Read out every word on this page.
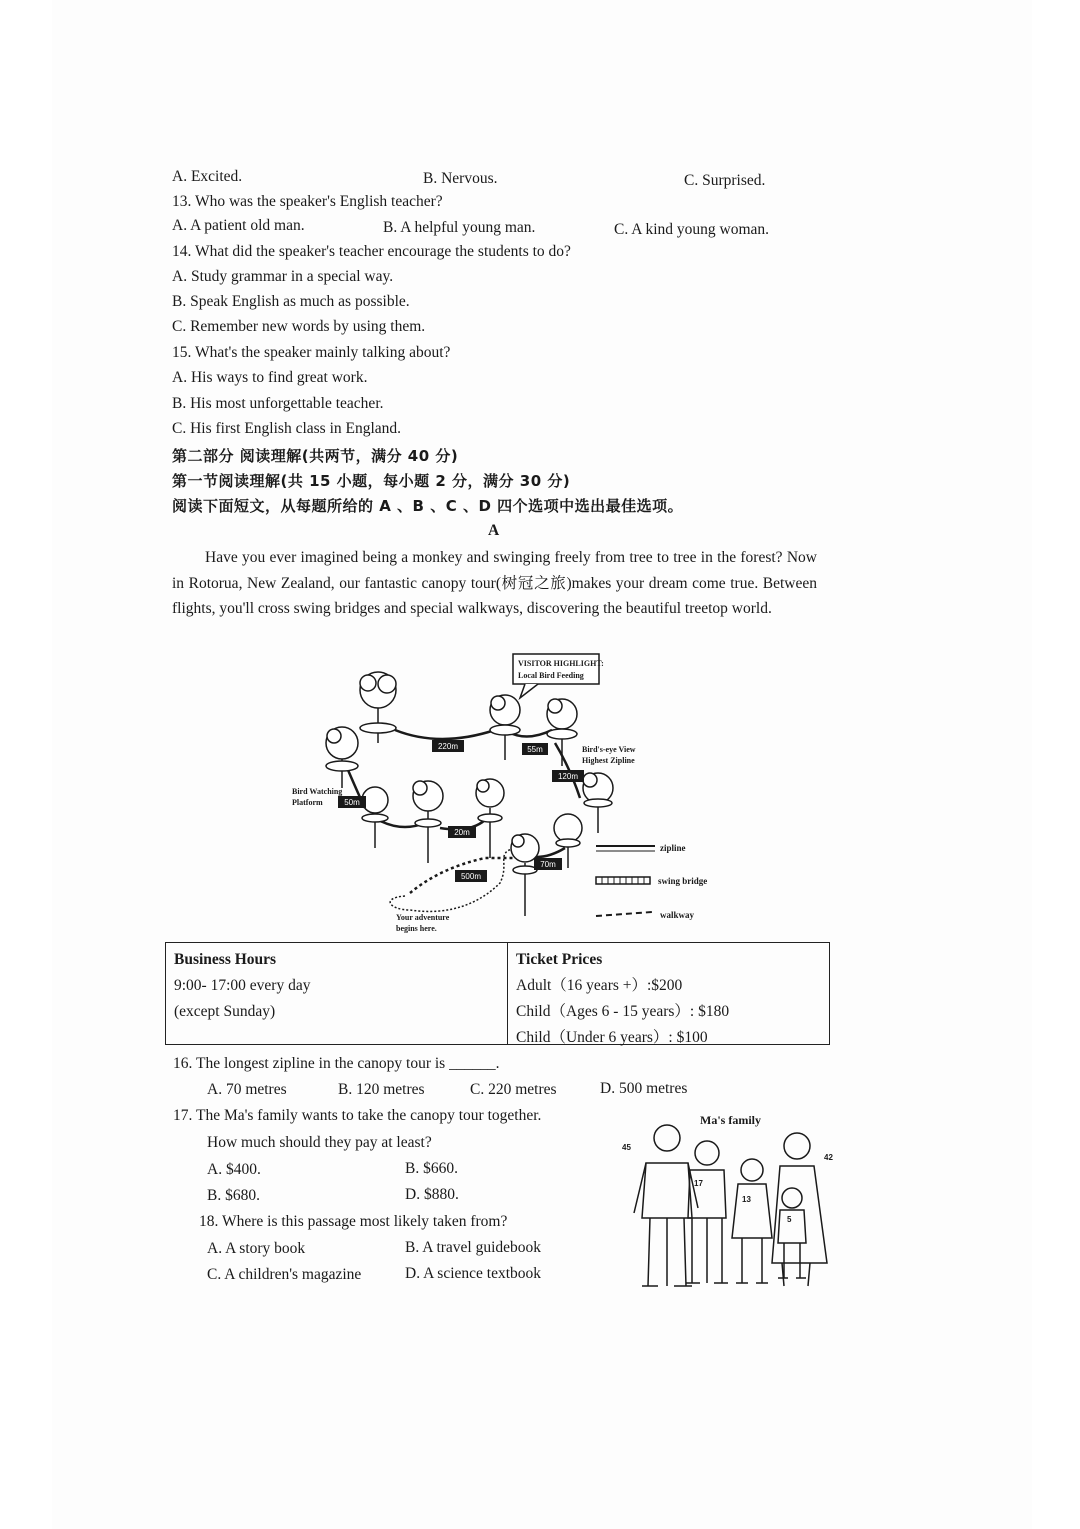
A. Excited.	B. Nervous.	C. Surprised.
13. Who was the speaker's English teacher?
A. A patient old man.	B. A helpful young man.	C. A kind young woman.
14. What did the speaker's teacher encourage the students to do?
A. Study grammar in a special way.
B. Speak English as much as possible.
C. Remember new words by using them.
15. What's the speaker mainly talking about?
A. His ways to find great work.
B. His most unforgettable teacher.
C. His first English class in England.
第二部分 阅读理解(共两节，满分 40 分)
第一节阅读理解(共 15 小题，每小题 2 分，满分 30 分)
阅读下面短文，从每题所给的 A 、B 、C 、D 四个选项中选出最佳选项。
A
Have you ever imagined being a monkey and swinging freely from tree to tree in the forest? Now in Rotorua, New Zealand, our fantastic canopy tour(树冠之旅)makes your dream come true. Between flights, you'll cross swing bridges and special walkways, discovering the beautiful treetop world.
220m	55m
120m
50m
20m
70m
500m
VISITOR HIGHLIGHT:
Local Bird Feeding
Bird's-eye View
Highest Zipline
Bird Watching
Platform
Your adventure
begins here.
zipline
swing bridge
walkway
Business Hours
9:00- 17:00 every day
(except Sunday)
Ticket Prices
Adult（16 years +）:$200
Child（Ages 6 - 15 years）: $180
Child（Under 6 years）: $100
16. The longest zipline in the canopy tour is ______.
A. 70 metres	B. 120 metres	C. 220 metres	D. 500 metres
17. The Ma's family wants to take the canopy tour together.
How much should they pay at least?
A. $400.	B. $660.
B. $680.	D. $880.
18. Where is this passage most likely taken from?
A. A story book	B. A travel guidebook
C. A children's magazine	D. A science textbook
Ma's family
45
17
13
5
42
